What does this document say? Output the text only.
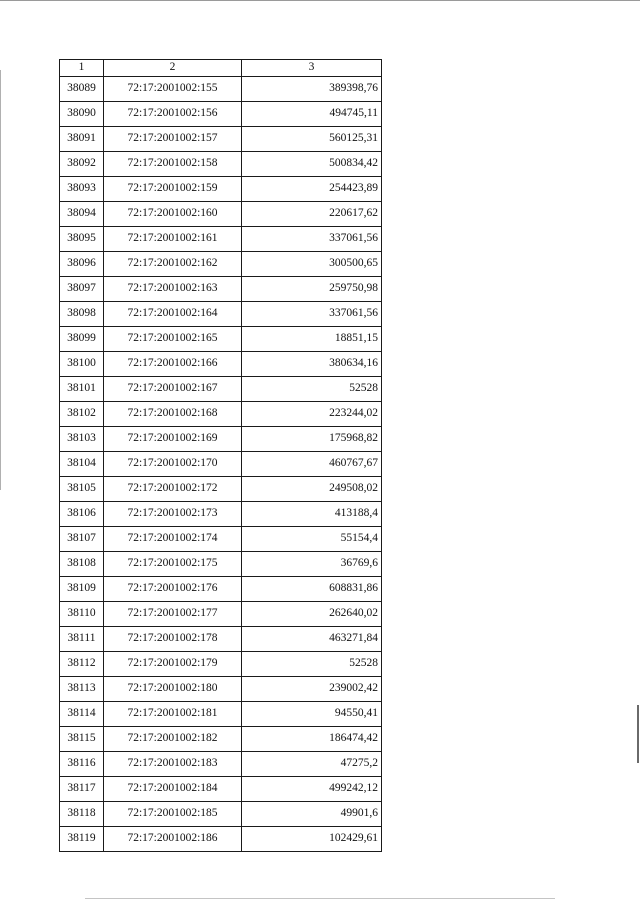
1	2	3
38089	72:17:2001002:155	389398,76
38090	72:17:2001002:156	494745,11
38091	72:17:2001002:157	560125,31
38092	72:17:2001002:158	500834,42
38093	72:17:2001002:159	254423,89
38094	72:17:2001002:160	220617,62
38095	72:17:2001002:161	337061,56
38096	72:17:2001002:162	300500,65
38097	72:17:2001002:163	259750,98
38098	72:17:2001002:164	337061,56
38099	72:17:2001002:165	18851,15
38100	72:17:2001002:166	380634,16
38101	72:17:2001002:167	52528
38102	72:17:2001002:168	223244,02
38103	72:17:2001002:169	175968,82
38104	72:17:2001002:170	460767,67
38105	72:17:2001002:172	249508,02
38106	72:17:2001002:173	413188,4
38107	72:17:2001002:174	55154,4
38108	72:17:2001002:175	36769,6
38109	72:17:2001002:176	608831,86
38110	72:17:2001002:177	262640,02
38111	72:17:2001002:178	463271,84
38112	72:17:2001002:179	52528
38113	72:17:2001002:180	239002,42
38114	72:17:2001002:181	94550,41
38115	72:17:2001002:182	186474,42
38116	72:17:2001002:183	47275,2
38117	72:17:2001002:184	499242,12
38118	72:17:2001002:185	49901,6
38119	72:17:2001002:186	102429,61
